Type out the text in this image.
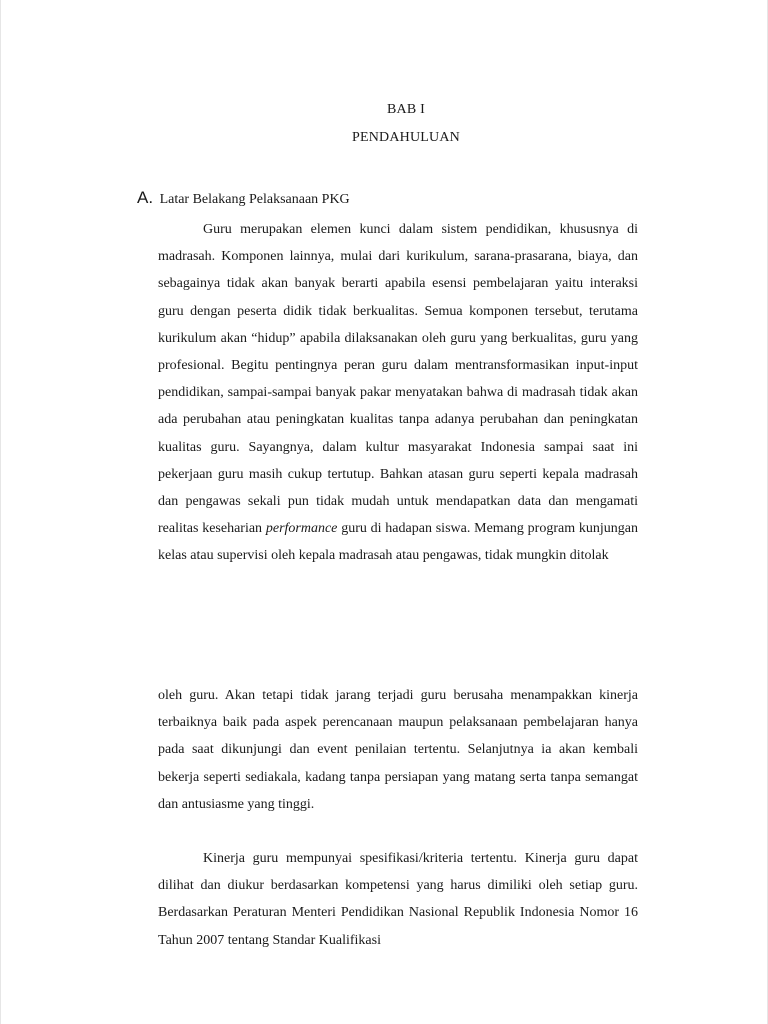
BAB I
PENDAHULUAN
A. Latar Belakang Pelaksanaan PKG

Guru merupakan elemen kunci dalam sistem pendidikan, khususnya di madrasah. Komponen lainnya, mulai dari kurikulum, sarana-prasarana, biaya, dan sebagainya tidak akan banyak berarti apabila esensi pembelajaran yaitu interaksi guru dengan peserta didik tidak berkualitas. Semua komponen tersebut, terutama kurikulum akan “hidup” apabila dilaksanakan oleh guru yang berkualitas, guru yang profesional. Begitu pentingnya peran guru dalam mentransformasikan input-input pendidikan, sampai-sampai banyak pakar menyatakan bahwa di madrasah tidak akan ada perubahan atau peningkatan kualitas tanpa adanya perubahan dan peningkatan kualitas guru. Sayangnya, dalam kultur masyarakat Indonesia sampai saat ini pekerjaan guru masih cukup tertutup. Bahkan atasan guru seperti kepala madrasah dan pengawas sekali pun tidak mudah untuk mendapatkan data dan mengamati realitas keseharian performance guru di hadapan siswa. Memang program kunjungan kelas atau supervisi oleh kepala madrasah atau pengawas, tidak mungkin ditolak

oleh guru. Akan tetapi tidak jarang terjadi guru berusaha menampakkan kinerja terbaiknya baik pada aspek perencanaan maupun pelaksanaan pembelajaran hanya pada saat dikunjungi dan event penilaian tertentu. Selanjutnya ia akan kembali bekerja seperti sediakala, kadang tanpa persiapan yang matang serta tanpa semangat dan antusiasme yang tinggi.

Kinerja guru mempunyai spesifikasi/kriteria tertentu. Kinerja guru dapat dilihat dan diukur berdasarkan kompetensi yang harus dimiliki oleh setiap guru. Berdasarkan Peraturan Menteri Pendidikan Nasional Republik Indonesia Nomor 16 Tahun 2007 tentang Standar Kualifikasi
